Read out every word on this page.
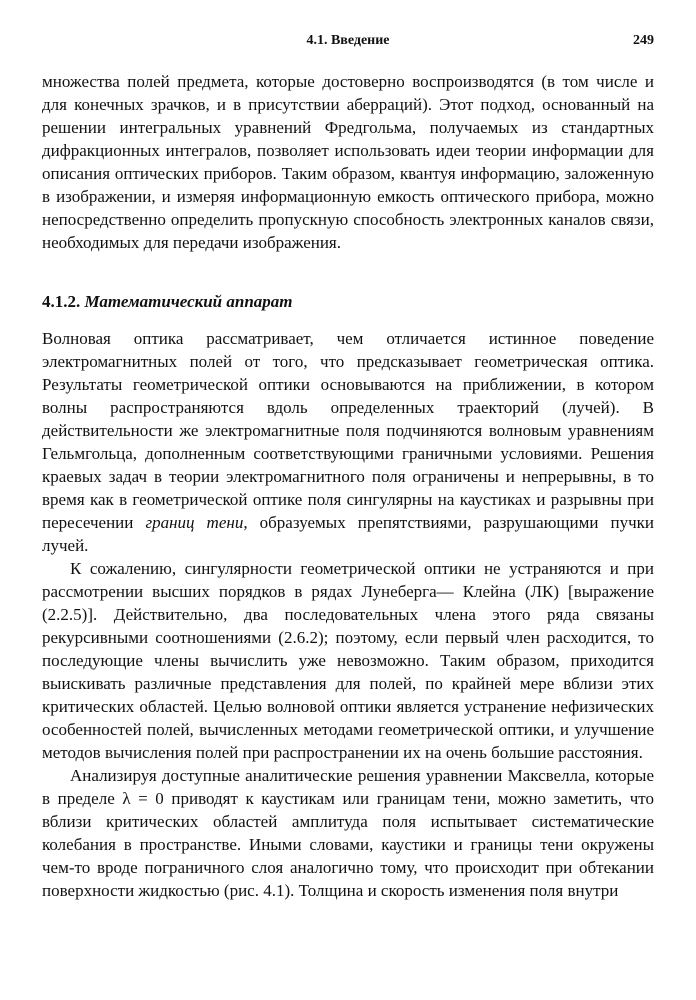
4.1. Введение	249

множества полей предмета, которые достоверно воспроизводятся (в том числе и для конечных зрачков, и в присутствии аберраций). Этот подход, основанный на решении интегральных уравнений Фредгольма, получаемых из стандартных дифракционных интегралов, позволяет использовать идеи теории информации для описания оптических приборов. Таким образом, квантуя информацию, заложенную в изображении, и измеряя информационную емкость оптического прибора, можно непосредственно определить пропускную способность электронных каналов связи, необходимых для передачи изображения.

4.1.2. Математический аппарат

Волновая оптика рассматривает, чем отличается истинное поведение электромагнитных полей от того, что предсказывает геометрическая оптика. Результаты геометрической оптики основываются на приближении, в котором волны распространяются вдоль определенных траекторий (лучей). В действительности же электромагнитные поля подчиняются волновым уравнениям Гельмгольца, дополненным соответствующими граничными условиями. Решения краевых задач в теории электромагнитного поля ограничены и непрерывны, в то время как в геометрической оптике поля сингулярны на каустиках и разрывны при пересечении границ тени, образуемых препятствиями, разрушающими пучки лучей.

К сожалению, сингулярности геометрической оптики не устраняются и при рассмотрении высших порядков в рядах Лунеберга— Клейна (ЛК) [выражение (2.2.5)]. Действительно, два последовательных члена этого ряда связаны рекурсивными соотношениями (2.6.2); поэтому, если первый член расходится, то последующие члены вычислить уже невозможно. Таким образом, приходится выискивать различные представления для полей, по крайней мере вблизи этих критических областей. Целью волновой оптики является устранение нефизических особенностей полей, вычисленных методами геометрической оптики, и улучшение методов вычисления полей при распространении их на очень большие расстояния.

Анализируя доступные аналитические решения уравнении Максвелла, которые в пределе λ = 0 приводят к каустикам или границам тени, можно заметить, что вблизи критических областей амплитуда поля испытывает систематические колебания в пространстве. Иными словами, каустики и границы тени окружены чем-то вроде пограничного слоя аналогично тому, что происходит при обтекании поверхности жидкостью (рис. 4.1). Толщина и скорость изменения поля внутри
